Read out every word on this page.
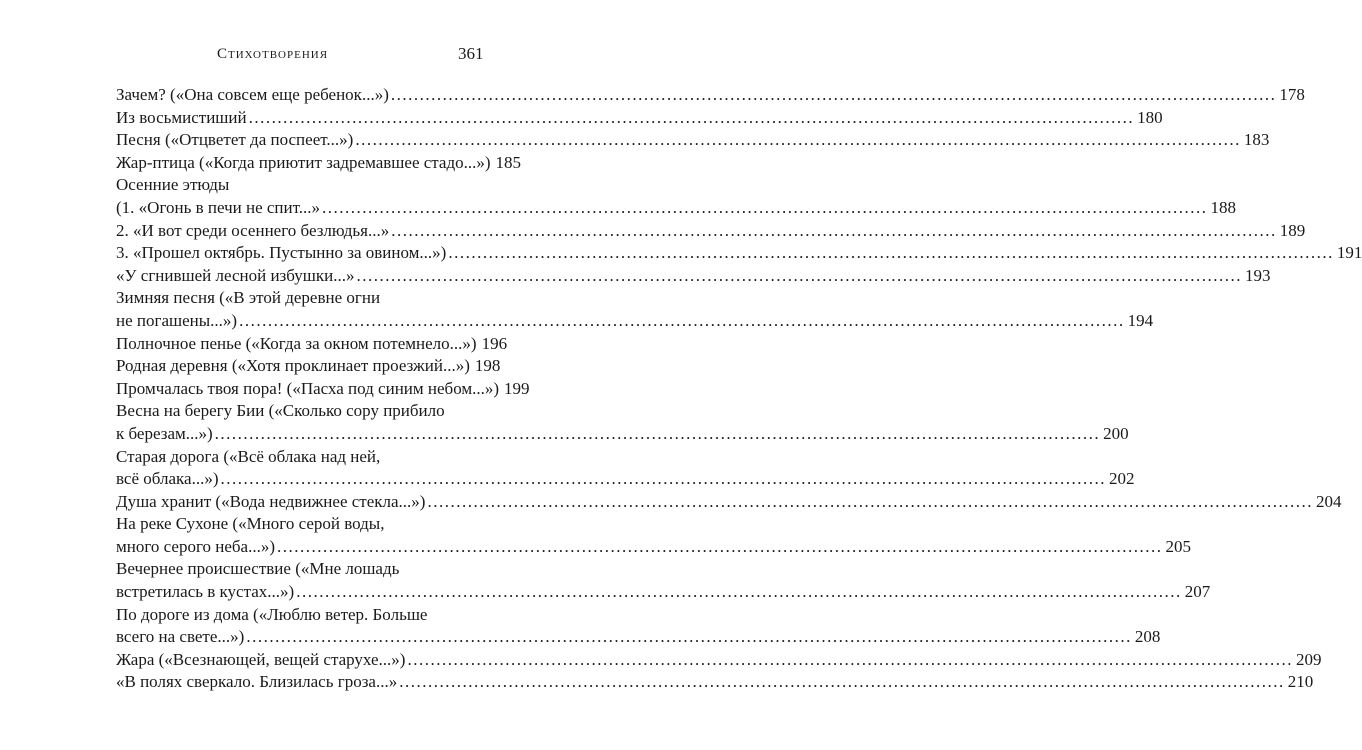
Стихотворения	361
Зачем? («Она совсем еще ребенок...») .....	178
Из восьмистиший .....	180
Песня («Отцветет да поспеет...») .....	183
Жар-птица («Когда приютит задремавшее стадо...») 185
Осенние этюды
(1. «Огонь в печи не спит...» .....	188
2. «И вот среди осеннего безлюдья...» .....	189
3. «Прошел октябрь. Пустынно за овином...») .....	191
«У сгнившей лесной избушки...» .....	193
Зимняя песня («В этой деревне огни
не погашены...») .....	194
Полночное пенье («Когда за окном потемнело...») 196
Родная деревня («Хотя проклинает проезжий...») 198
Промчалась твоя пора! («Пасха под синим небом...») 199
Весна на берегу Бии («Сколько сору прибило
к березам...») .....	200
Старая дорога («Всё облака над ней,
всё облака...») .....	202
Душа хранит («Вода недвижнее стекла...») .....	204
На реке Сухоне («Много серой воды,
много серого неба...») .....	205
Вечернее происшествие («Мне лошадь
встретилась в кустах...») .....	207
По дороге из дома («Люблю ветер. Больше
всего на свете...») .....	208
Жара («Всезнающей, вещей старухе...») .....	209
«В полях сверкало. Близилась гроза...» .....	210
